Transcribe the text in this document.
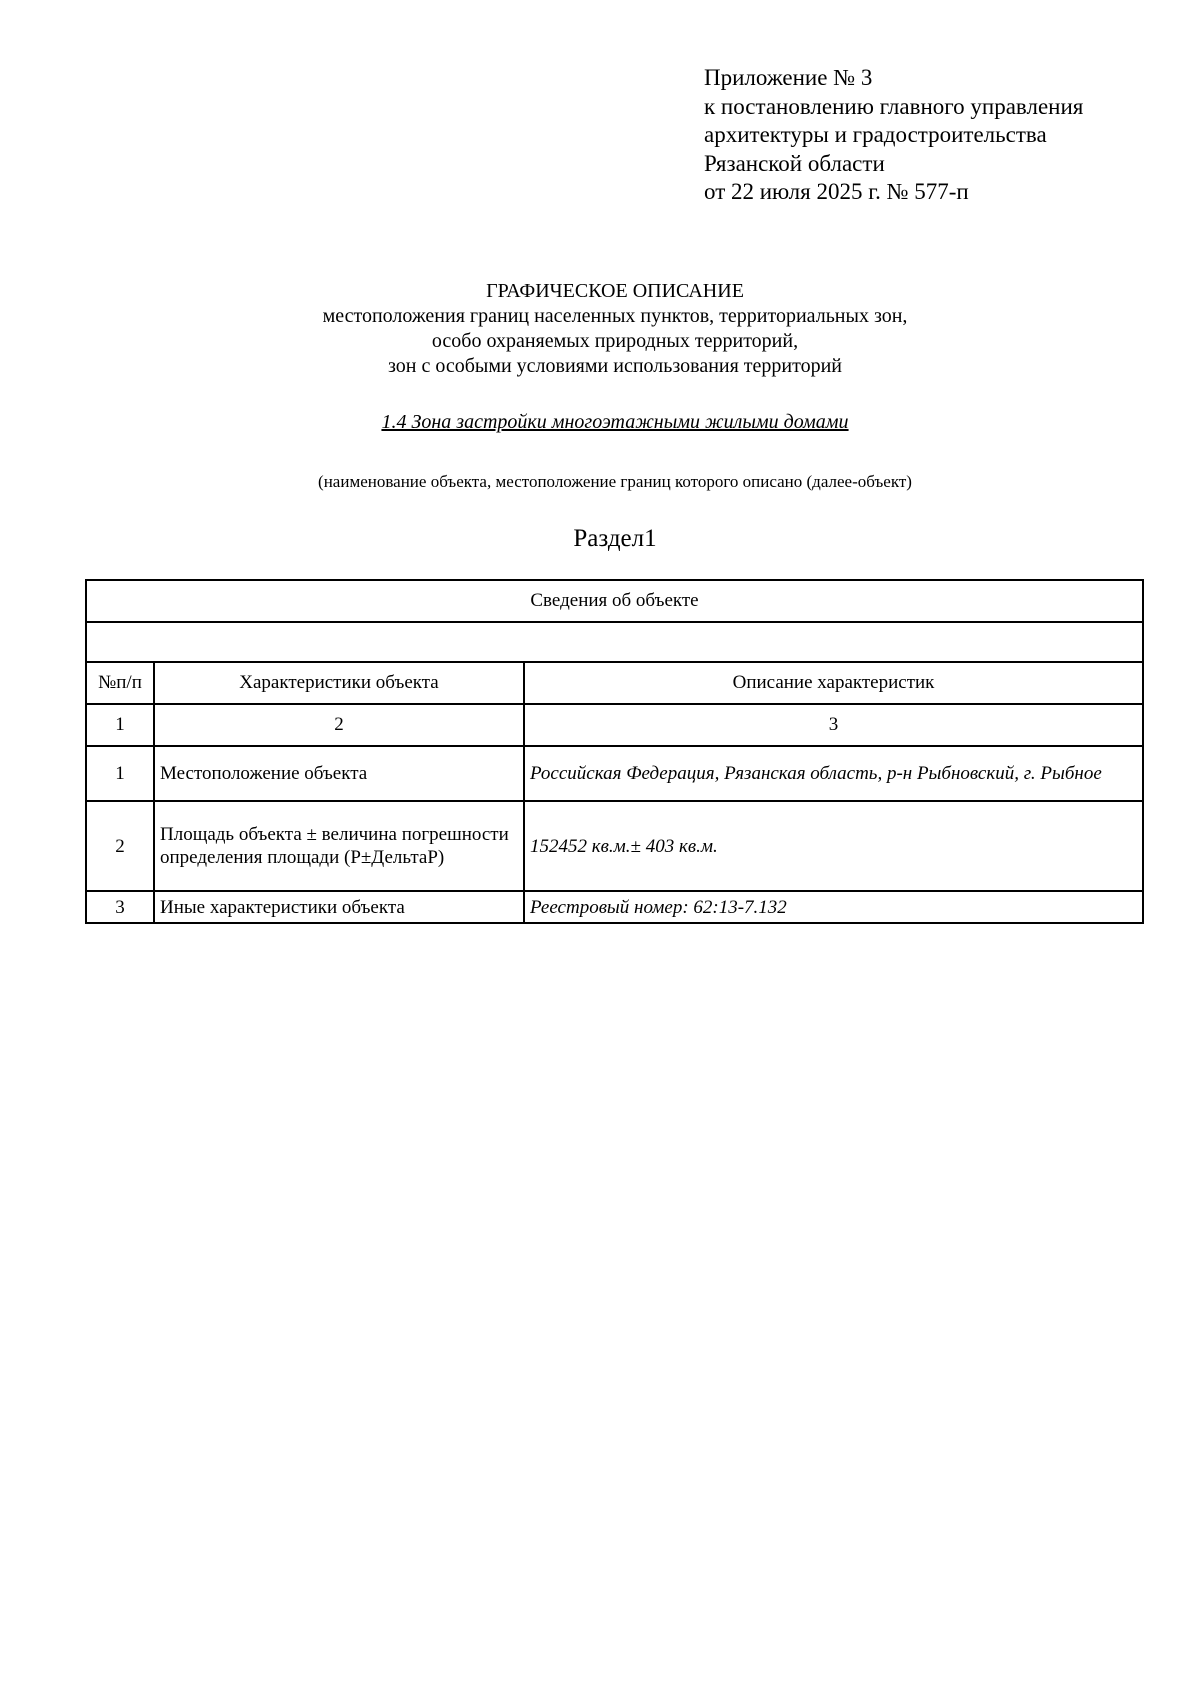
Приложение № 3
к постановлению главного управления
архитектуры и градостроительства
Рязанской области
от 22 июля 2025 г. № 577-п
ГРАФИЧЕСКОЕ ОПИСАНИЕ
местоположения границ населенных пунктов, территориальных зон,
особо охраняемых природных территорий,
зон с особыми условиями использования территорий
1.4 Зона застройки многоэтажными жилыми домами
(наименование объекта, местоположение границ которого описано (далее-объект)
Раздел1
Сведения об объекте		

№п/п	Характеристики объекта	Описание характеристик
1	2	3
1	Местоположение объекта	Российская Федерация, Рязанская область, р-н Рыбновский, г. Рыбное
2	Площадь объекта ± величина погрешности определения площади (Р±ДельтаР)	152452 кв.м.± 403 кв.м.
3	Иные характеристики объекта	Реестровый номер: 62:13-7.132
